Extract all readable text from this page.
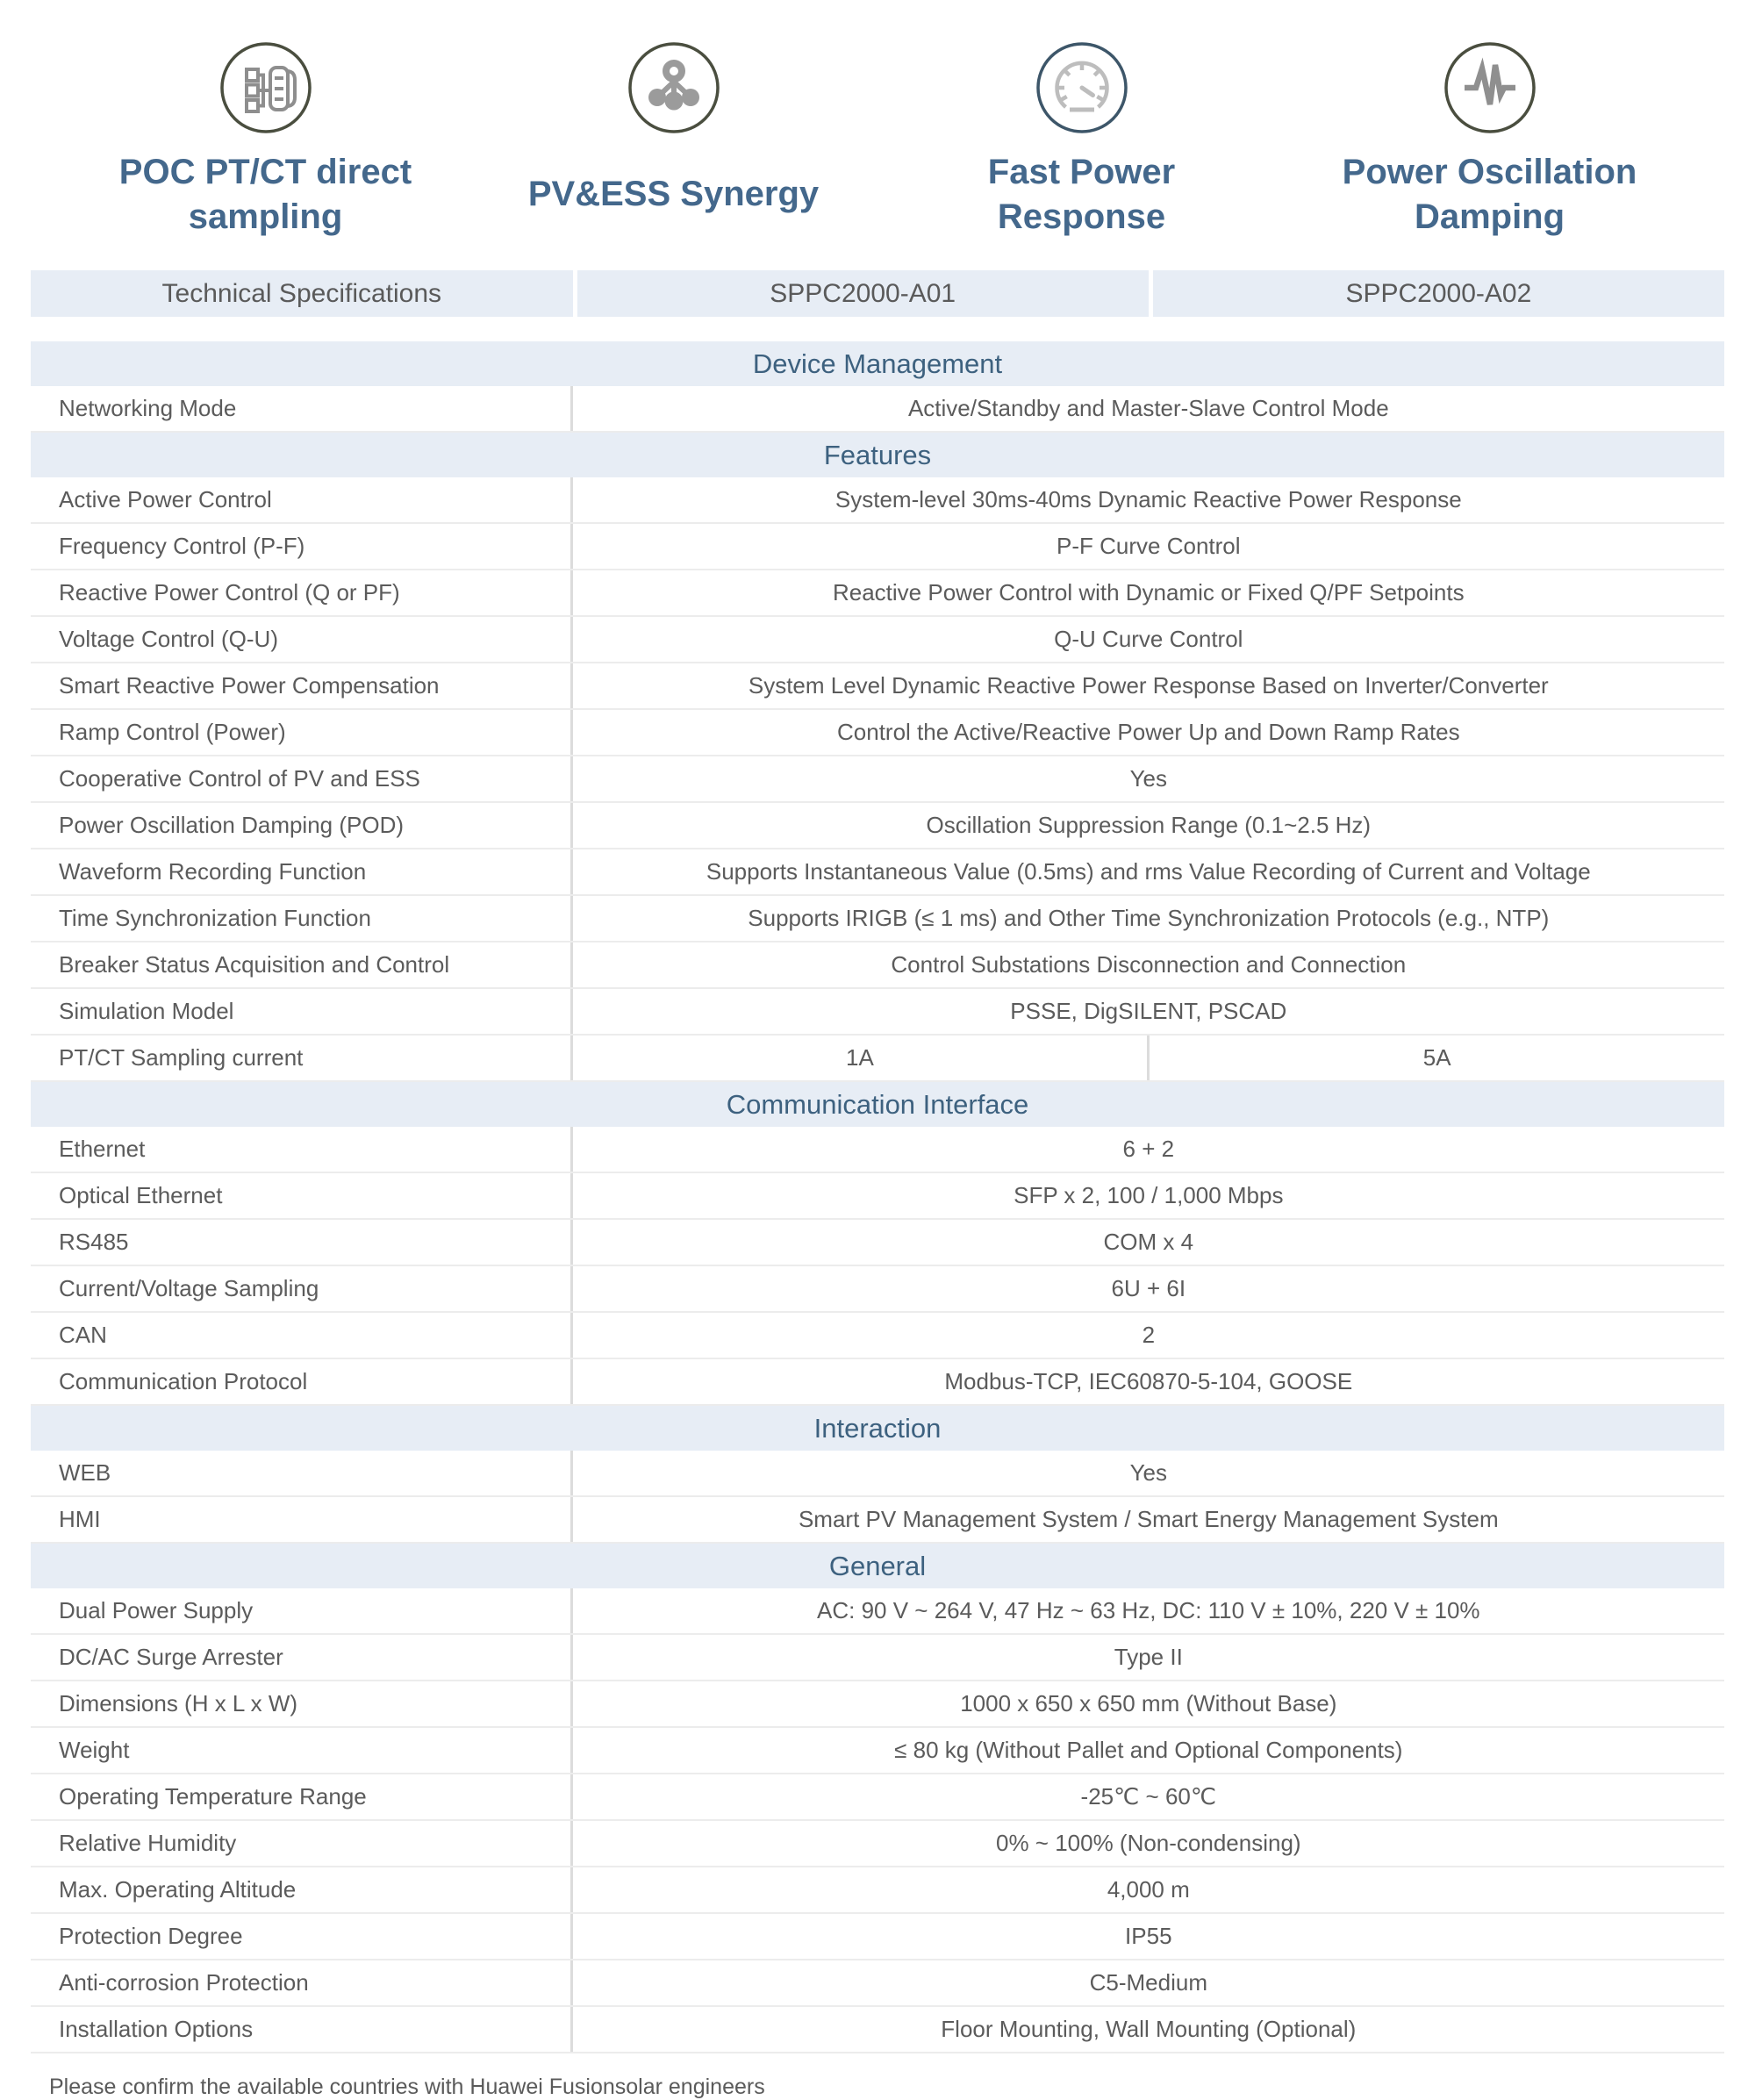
POC PT/CT direct sampling
PV&ESS Synergy
Fast Power Response
Power Oscillation Damping
Technical Specifications	SPPC2000-A01	SPPC2000-A02
Device Management
Networking Mode	Active/Standby and Master-Slave Control Mode
Features
Active Power Control	System-level 30ms-40ms Dynamic Reactive Power Response
Frequency Control (P-F)	P-F Curve Control
Reactive Power Control (Q or PF)	Reactive Power Control with Dynamic or Fixed Q/PF Setpoints
Voltage Control (Q-U)	Q-U Curve Control
Smart Reactive Power Compensation	System Level Dynamic Reactive Power Response Based on Inverter/Converter
Ramp Control (Power)	Control the Active/Reactive Power Up and Down Ramp Rates
Cooperative Control of PV and ESS	Yes
Power Oscillation Damping (POD)	Oscillation Suppression Range (0.1~2.5 Hz)
Waveform Recording Function	Supports Instantaneous Value (0.5ms) and rms Value Recording of Current and Voltage
Time Synchronization Function	Supports IRIGB (≤ 1 ms) and Other Time Synchronization Protocols (e.g., NTP)
Breaker Status Acquisition and Control	Control Substations Disconnection and Connection
Simulation Model	PSSE, DigSILENT, PSCAD
PT/CT Sampling current	1A	5A
Communication Interface
Ethernet	6 + 2
Optical Ethernet	SFP x 2, 100 / 1,000 Mbps
RS485	COM x 4
Current/Voltage Sampling	6U + 6I
CAN	2
Communication Protocol	Modbus-TCP, IEC60870-5-104, GOOSE
Interaction
WEB	Yes
HMI	Smart PV Management System / Smart Energy Management System
General
Dual Power Supply	AC: 90 V ~ 264 V, 47 Hz ~ 63 Hz, DC: 110 V ± 10%, 220 V ± 10%
DC/AC Surge Arrester	Type II
Dimensions (H x L x W)	1000 x 650 x 650 mm (Without Base)
Weight	≤ 80 kg (Without Pallet and Optional Components)
Operating Temperature Range	-25℃ ~ 60℃
Relative Humidity	0% ~ 100% (Non-condensing)
Max. Operating Altitude	4,000 m
Protection Degree	IP55
Anti-corrosion Protection	C5-Medium
Installation Options	Floor Mounting, Wall Mounting (Optional)
Please confirm the available countries with Huawei Fusionsolar engineers
